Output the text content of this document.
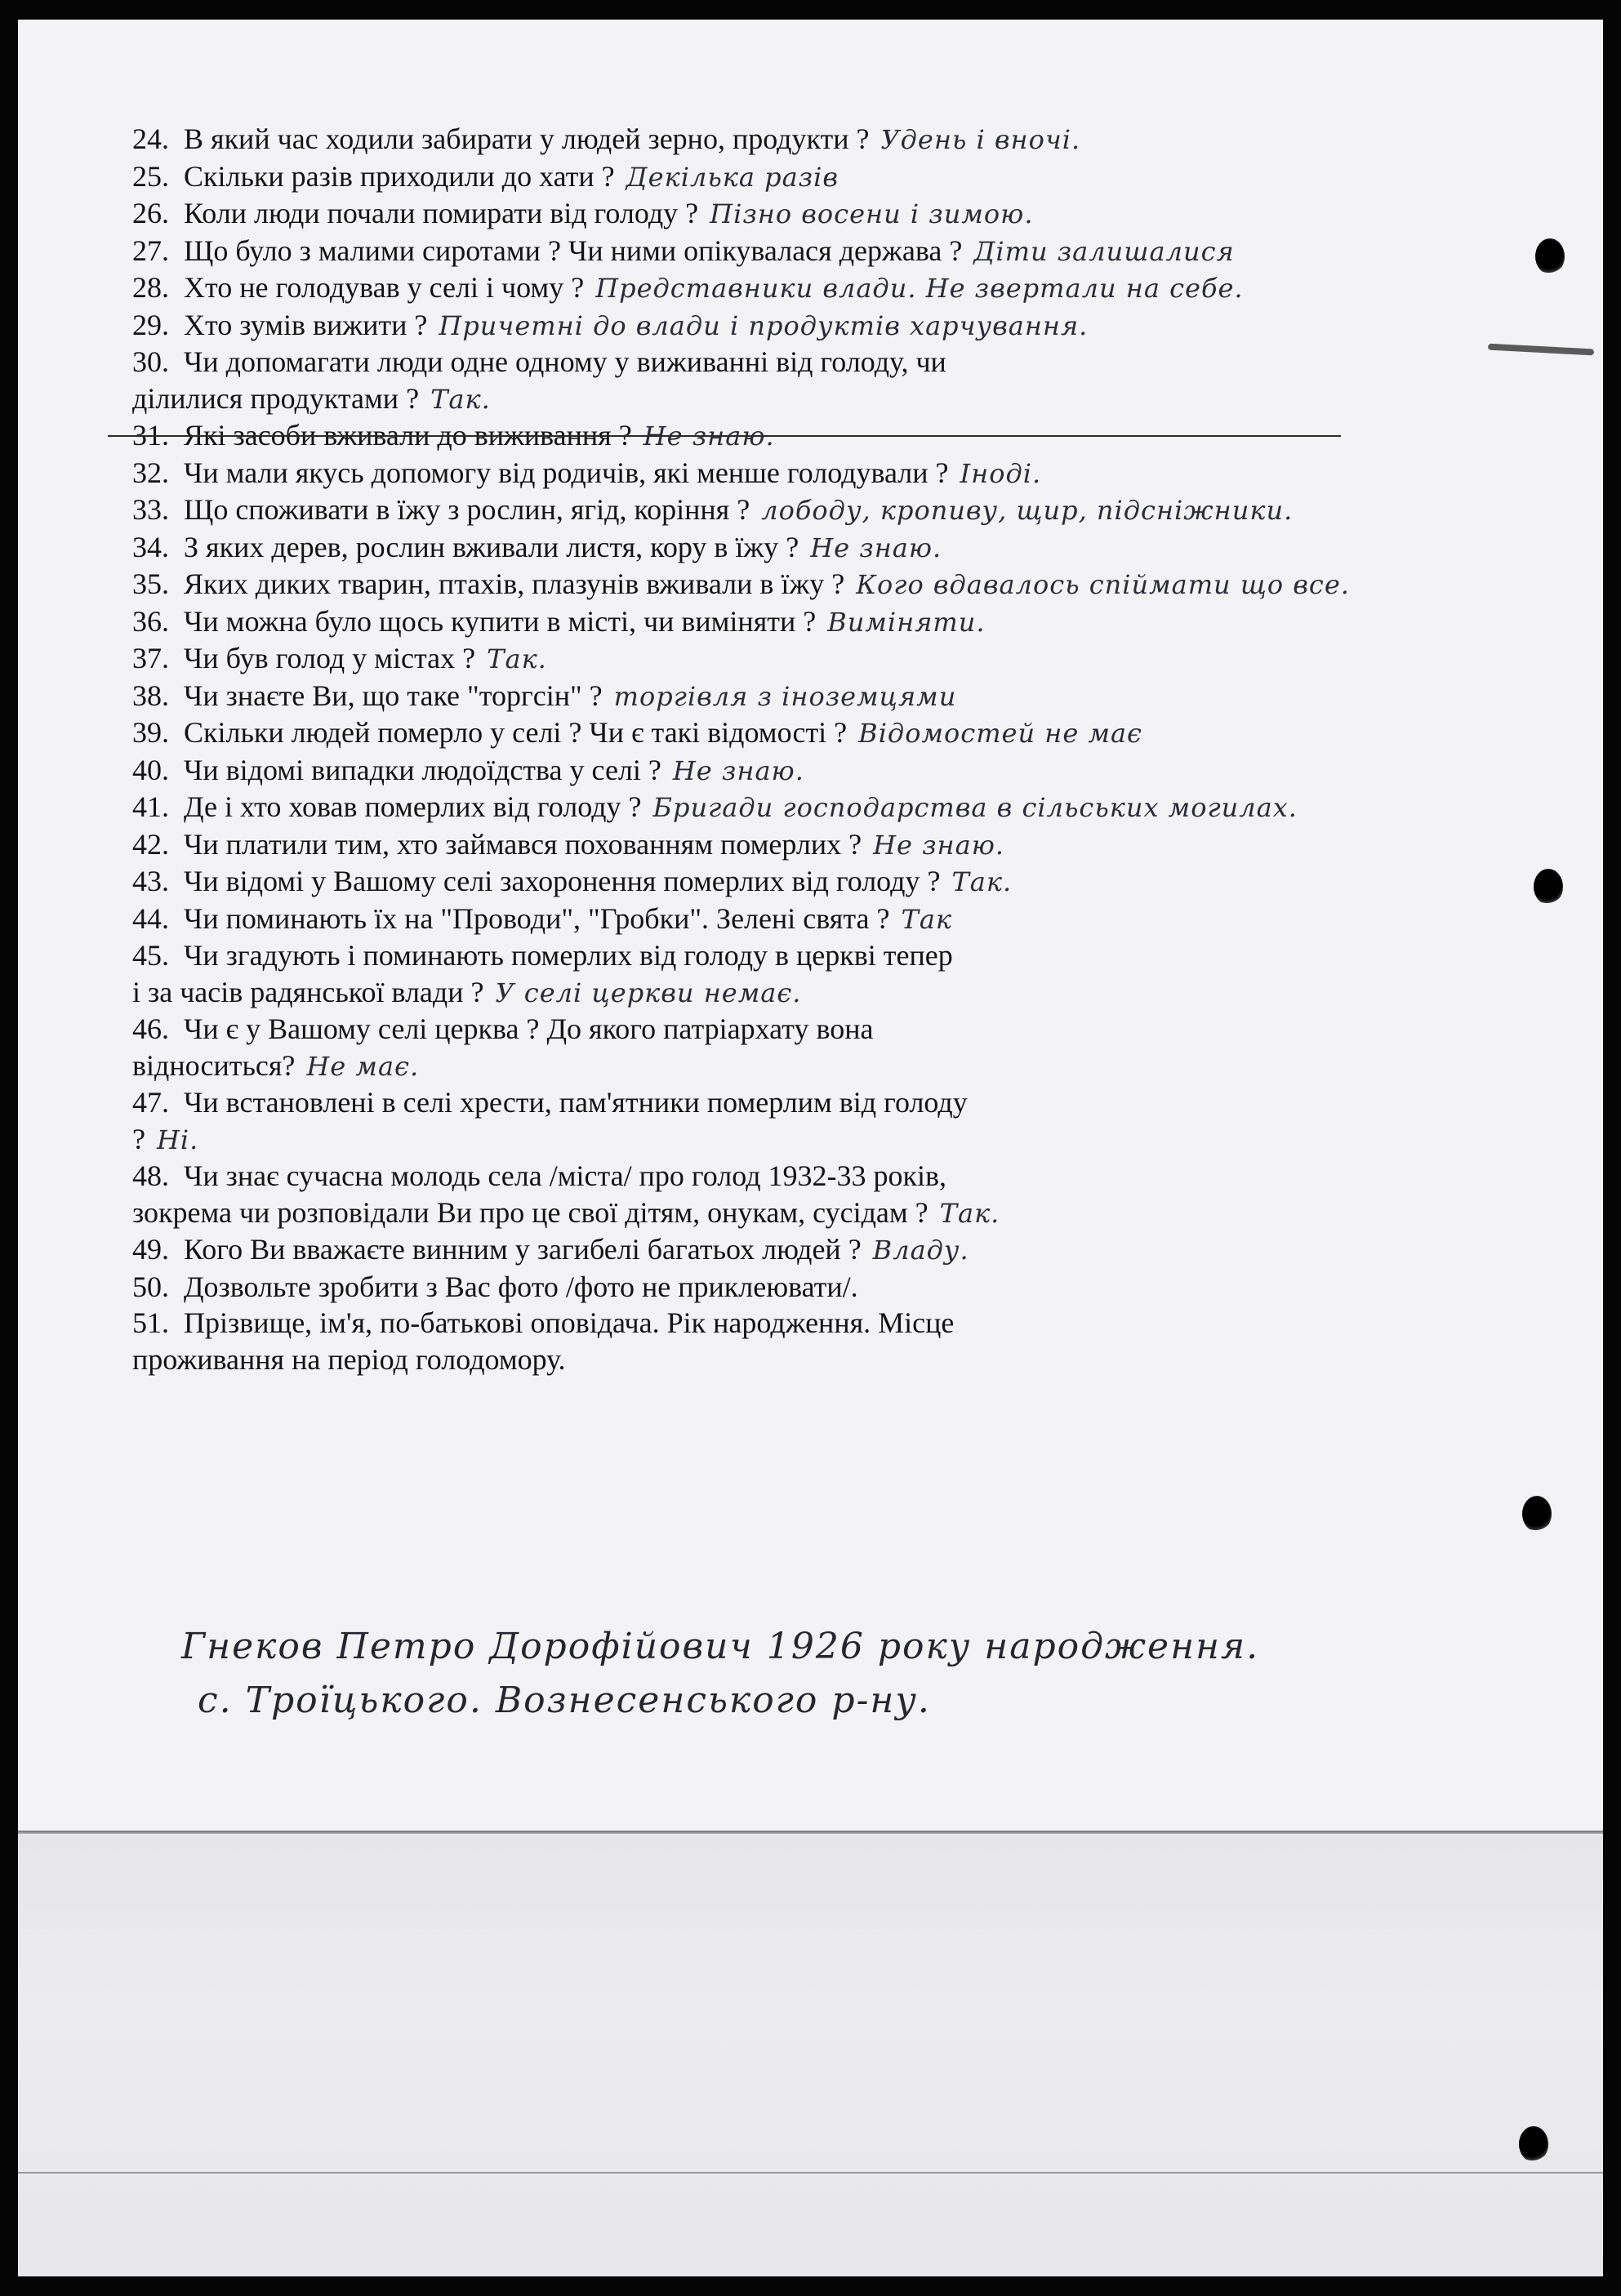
24. В який час ходили забирати у людей зерно, продукти ? Удень і вночі.
25. Скільки разів приходили до хати ? Декілька разів
26. Коли люди почали помирати від голоду ? Пізно восени і зимою.
27. Що було з малими сиротами ? Чи ними опікувалася держава ? Діти залишалися
28. Хто не голодував у селі і чому ? Представники влади. Не звертали на себе.
29. Хто зумів вижити ? Причетні до влади і продуктів харчування.
30. Чи допомагати люди одне одному у виживанні від голоду, чи
ділилися продуктами ? Так.
31. Які засоби вживали до виживання ? Не знаю.
32. Чи мали якусь допомогу від родичів, які менше голодували ? Іноді.
33. Що споживати в їжу з рослин, ягід, коріння ? лободу, кропиву, щир, підсніжники.
34. З яких дерев, рослин вживали листя, кору в їжу ? Не знаю.
35. Яких диких тварин, птахів, плазунів вживали в їжу ? Кого вдавалось спіймати що все.
36. Чи можна було щось купити в місті, чи виміняти ? Виміняти.
37. Чи був голод у містах ? Так.
38. Чи знаєте Ви, що таке "торгсін" ? торгівля з іноземцями
39. Скільки людей померло у селі ? Чи є такі відомості ? Відомостей не має
40. Чи відомі випадки людоїдства у селі ? Не знаю.
41. Де і хто ховав померлих від голоду ? Бригади господарства в сільських могилах.
42. Чи платили тим, хто займався похованням померлих ? Не знаю.
43. Чи відомі у Вашому селі захоронення померлих від голоду ? Так.
44. Чи поминають їх на "Проводи", "Гробки". Зелені свята ? Так
45. Чи згадують і поминають померлих від голоду в церкві тепер
і за часів радянської влади ? У селі церкви немає.
46. Чи є у Вашому селі церква ? До якого патріархату вона
відноситься? Не має.
47. Чи встановлені в селі хрести, пам'ятники померлим від голоду
? Ні.
48. Чи знає сучасна молодь села /міста/ про голод 1932-33 років,
зокрема чи розповідали Ви про це свої дітям, онукам, сусідам ? Так.
49. Кого Ви вважаєте винним у загибелі багатьох людей ? Владу.
50. Дозвольте зробити з Вас фото /фото не приклеювати/.
51. Прізвище, ім'я, по-батькові оповідача. Рік народження. Місце
проживання на період голодомору.
Гнеков Петро Дорофійович 1926 року народження.
с. Троїцького. Вознесенського р-ну.
